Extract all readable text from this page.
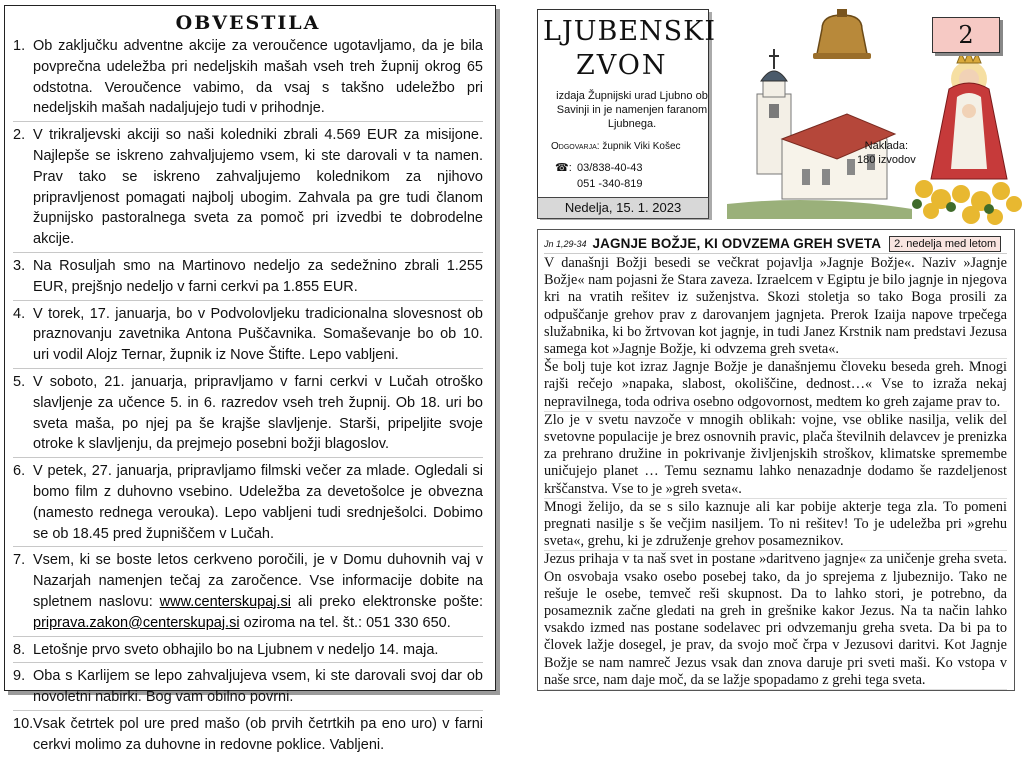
OBVESTILA
1. Ob zaključku adventne akcije za veroučence ugotavljamo, da je bila povprečna udeležba pri nedeljskih mašah vseh treh župnij okrog 65 odstotna. Veroučence vabimo, da vsaj s takšno udeležbo pri nedeljskih mašah nadaljujejo tudi v prihodnje.
2. V trikraljevski akciji so naši koledniki zbrali 4.569 EUR za misijone. Najlepše se iskreno zahvaljujemo vsem, ki ste darovali v ta namen. Prav tako se iskreno zahvaljujemo kolednikom za njihovo pripravljenost pomagati najbolj ubogim. Zahvala pa gre tudi članom župnijsko pastoralnega sveta za pomoč pri izvedbi te dobrodelne akcije.
3. Na Rosuljah smo na Martinovo nedeljo za sedežnino zbrali 1.255 EUR, prejšnjo nedeljo v farni cerkvi pa 1.855 EUR.
4. V torek, 17. januarja, bo v Podvolovljeku tradicionalna slovesnost ob praznovanju zavetnika Antona Puščavnika. Somaševanje bo ob 10. uri vodil Alojz Ternar, župnik iz Nove Štifte. Lepo vabljeni.
5. V soboto, 21. januarja, pripravljamo v farni cerkvi v Lučah otroško slavljenje za učence 5. in 6. razredov vseh treh župnij. Ob 18. uri bo sveta maša, po njej pa še krajše slavljenje. Starši, pripeljite svoje otroke k slavljenju, da prejmejo posebni božji blagoslov.
6. V petek, 27. januarja, pripravljamo filmski večer za mlade. Ogledali si bomo film z duhovno vsebino. Udeležba za devetošolce je obvezna (namesto rednega verouka). Lepo vabljeni tudi srednješolci. Dobimo se ob 18.45 pred župniščem v Lučah.
7. Vsem, ki se boste letos cerkveno poročili, je v Domu duhovnih vaj v Nazarjah namenjen tečaj za zaročence. Vse informacije dobite na spletnem naslovu: www.centerskupaj.si ali preko elektronske pošte: priprava.zakon@centerskupaj.si oziroma na tel. št.: 051 330 650.
8. Letošnje prvo sveto obhajilo bo na Ljubnem v nedeljo 14. maja.
9. Oba s Karlijem se lepo zahvaljujeva vsem, ki ste darovali svoj dar ob novoletni nabirki. Bog vam obilno povrni.
10. Vsak četrtek pol ure pred mašo (ob prvih četrtkih pa eno uro) v farni cerkvi molimo za duhovne in redovne poklice. Vabljeni.
LJUBENSKI
ZVON
izdaja Župnijski urad Ljubno ob Savinji in je namenjen faranom Ljubnega.
Odgovarja: župnik Viki Košec
☎: 03/838-40-43
051 -340-819
Nedelja, 15. 1. 2023
Naklada:
180 izvodov
2
Jn 1,29-34 JAGNJE BOŽJE, KI ODVZEMA GREH SVETA	2. nedelja med letom

V današnji Božji besedi se večkrat pojavlja »Jagnje Božje«. Naziv »Jagnje Božje« nam pojasni že Stara zaveza. Izraelcem v Egiptu je bilo jagnje in njegova kri na vratih rešitev iz suženjstva. Skozi stoletja so tako Boga prosili za odpuščanje grehov prav z darovanjem jagnjeta. Prerok Izaija napove trpečega služabnika, ki bo žrtvovan kot jagnje, in tudi Janez Krstnik nam predstavi Jezusa samega kot »Jagnje Božje, ki odvzema greh sveta«.

Še bolj tuje kot izraz Jagnje Božje je današnjemu človeku beseda greh. Mnogi rajši rečejo »napaka, slabost, okoliščine, dednost…« Vse to izraža nekaj nepravilnega, toda odriva osebno odgovornost, medtem ko greh zajame prav to.

Zlo je v svetu navzoče v mnogih oblikah: vojne, vse oblike nasilja, velik del svetovne populacije je brez osnovnih pravic, plača številnih delavcev je prenizka za prehrano družine in pokrivanje življenjskih stroškov, klimatske spremembe uničujejo planet … Temu seznamu lahko nenazadnje dodamo še razdeljenost krščanstva. Vse to je »greh sveta«.

Mnogi želijo, da se s silo kaznuje ali kar pobije akterje tega zla. To pomeni pregnati nasilje s še večjim nasiljem. To ni rešitev! To je udeležba pri »grehu sveta«, grehu, ki je združenje grehov posameznikov.

Jezus prihaja v ta naš svet in postane »daritveno jagnje« za uničenje greha sveta. On osvobaja vsako osebo posebej tako, da jo sprejema z ljubeznijo. Tako ne rešuje le osebe, temveč reši skupnost. Da to lahko stori, je potrebno, da posameznik začne gledati na greh in grešnike kakor Jezus. Na ta način lahko vsakdo izmed nas postane sodelavec pri odvzemanju greha sveta. Da bi pa to človek lažje dosegel, je prav, da svojo moč črpa v Jezusovi daritvi. Kot Jagnje Božje se nam namreč Jezus vsak dan znova daruje pri sveti maši. Ko vstopa v naše srce, nam daje moč, da se lažje spopadamo z grehi tega sveta.
